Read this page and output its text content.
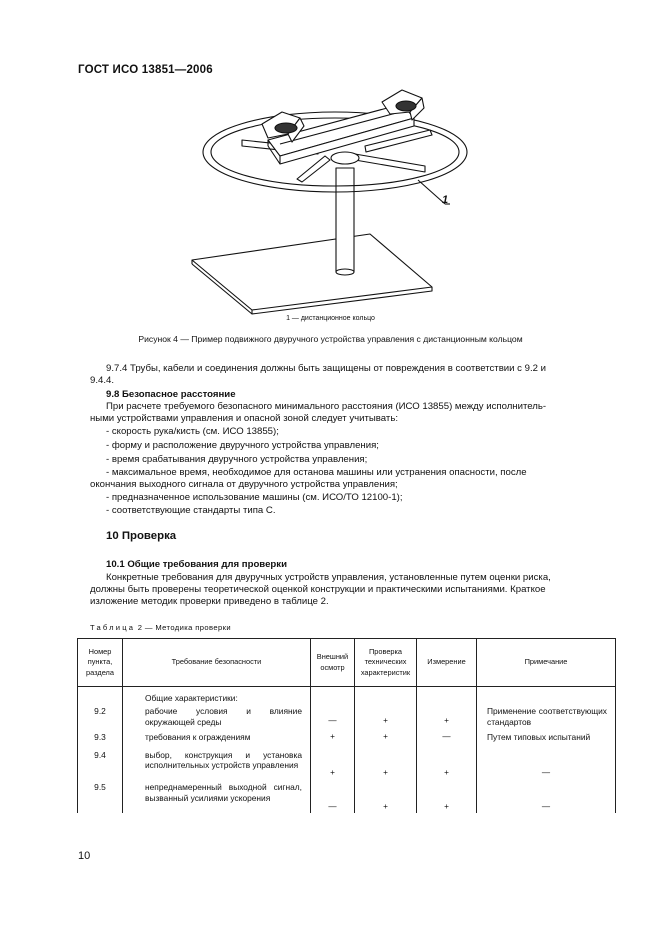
ГОСТ ИСО 13851—2006
1
1 — дистанционное кольцо
Рисунок 4 — Пример подвижного двуручного устройства управления с дистанционным кольцом
9.7.4 Трубы, кабели и соединения должны быть защищены от повреждения в соответствии с 9.2 и
9.4.4.
9.8 Безопасное расстояние
При расчете требуемого безопасного минимального расстояния (ИСО 13855) между исполнитель-
ными устройствами управления и опасной зоной следует учитывать:
- скорость рука/кисть (см. ИСО 13855);
- форму и расположение двуручного устройства управления;
- время срабатывания двуручного устройства управления;
- максимальное время, необходимое для останова машины или устранения опасности, после
окончания выходного сигнала от двуручного устройства управления;
- предназначенное использование машины (см. ИСО/ТО 12100-1);
- соответствующие стандарты типа С.
10 Проверка
10.1 Общие требования для проверки
Конкретные требования для двуручных устройств управления, установленные путем оценки риска,
должны быть проверены теоретической оценкой конструкции и практическими испытаниями. Краткое
изложение методик проверки приведено в таблице 2.
Таблица 2 — Методика проверки
Номер пункта, раздела	Требование безопасности	Внешний осмотр	Проверка технических характеристик	Измерение	Примечание
	Общие характеристики:				
9.2	рабочие условия и влияние окружающей среды	—	+	+	Применение соответствующих стандартов
9.3	требования к ограждениям	+	+	—	Путем типовых испытаний
9.4	выбор, конструкция и установка исполнительных устройств управления	+	+	+	—
9.5	непреднамеренный выходной сигнал, вызванный усилиями ускорения	—	+	+	—
10
